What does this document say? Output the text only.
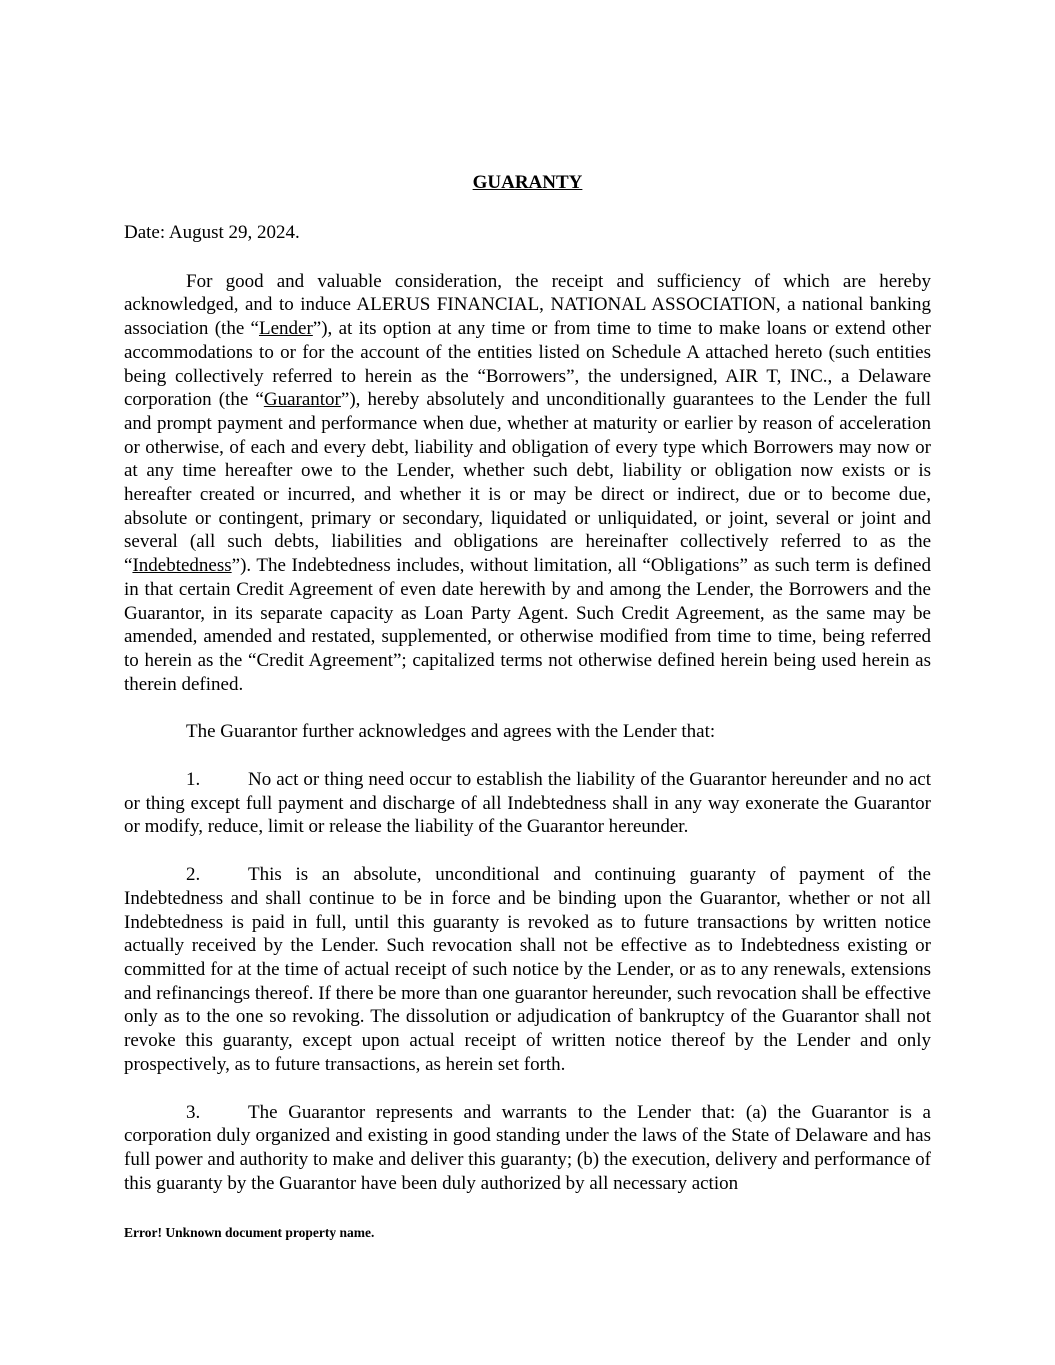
GUARANTY
Date: August 29, 2024.

For good and valuable consideration, the receipt and sufficiency of which are hereby acknowledged, and to induce ALERUS FINANCIAL, NATIONAL ASSOCIATION, a national banking association (the “Lender”), at its option at any time or from time to time to make loans or extend other accommodations to or for the account of the entities listed on Schedule A attached hereto (such entities being collectively referred to herein as the “Borrowers”, the undersigned, AIR T, INC., a Delaware corporation (the “Guarantor”), hereby absolutely and unconditionally guarantees to the Lender the full and prompt payment and performance when due, whether at maturity or earlier by reason of acceleration or otherwise, of each and every debt, liability and obligation of every type which Borrowers may now or at any time hereafter owe to the Lender, whether such debt, liability or obligation now exists or is hereafter created or incurred, and whether it is or may be direct or indirect, due or to become due, absolute or contingent, primary or secondary, liquidated or unliquidated, or joint, several or joint and several (all such debts, liabilities and obligations are hereinafter collectively referred to as the “Indebtedness”). The Indebtedness includes, without limitation, all “Obligations” as such term is defined in that certain Credit Agreement of even date herewith by and among the Lender, the Borrowers and the Guarantor, in its separate capacity as Loan Party Agent. Such Credit Agreement, as the same may be amended, amended and restated, supplemented, or otherwise modified from time to time, being referred to herein as the “Credit Agreement”; capitalized terms not otherwise defined herein being used herein as therein defined.

The Guarantor further acknowledges and agrees with the Lender that:

1.	No act or thing need occur to establish the liability of the Guarantor hereunder and no act or thing except full payment and discharge of all Indebtedness shall in any way exonerate the Guarantor or modify, reduce, limit or release the liability of the Guarantor hereunder.

2.	This is an absolute, unconditional and continuing guaranty of payment of the Indebtedness and shall continue to be in force and be binding upon the Guarantor, whether or not all Indebtedness is paid in full, until this guaranty is revoked as to future transactions by written notice actually received by the Lender. Such revocation shall not be effective as to Indebtedness existing or committed for at the time of actual receipt of such notice by the Lender, or as to any renewals, extensions and refinancings thereof. If there be more than one guarantor hereunder, such revocation shall be effective only as to the one so revoking. The dissolution or adjudication of bankruptcy of the Guarantor shall not revoke this guaranty, except upon actual receipt of written notice thereof by the Lender and only prospectively, as to future transactions, as herein set forth.

3.	The Guarantor represents and warrants to the Lender that: (a) the Guarantor is a corporation duly organized and existing in good standing under the laws of the State of Delaware and has full power and authority to make and deliver this guaranty; (b) the execution, delivery and performance of this guaranty by the Guarantor have been duly authorized by all necessary action

Error! Unknown document property name.
